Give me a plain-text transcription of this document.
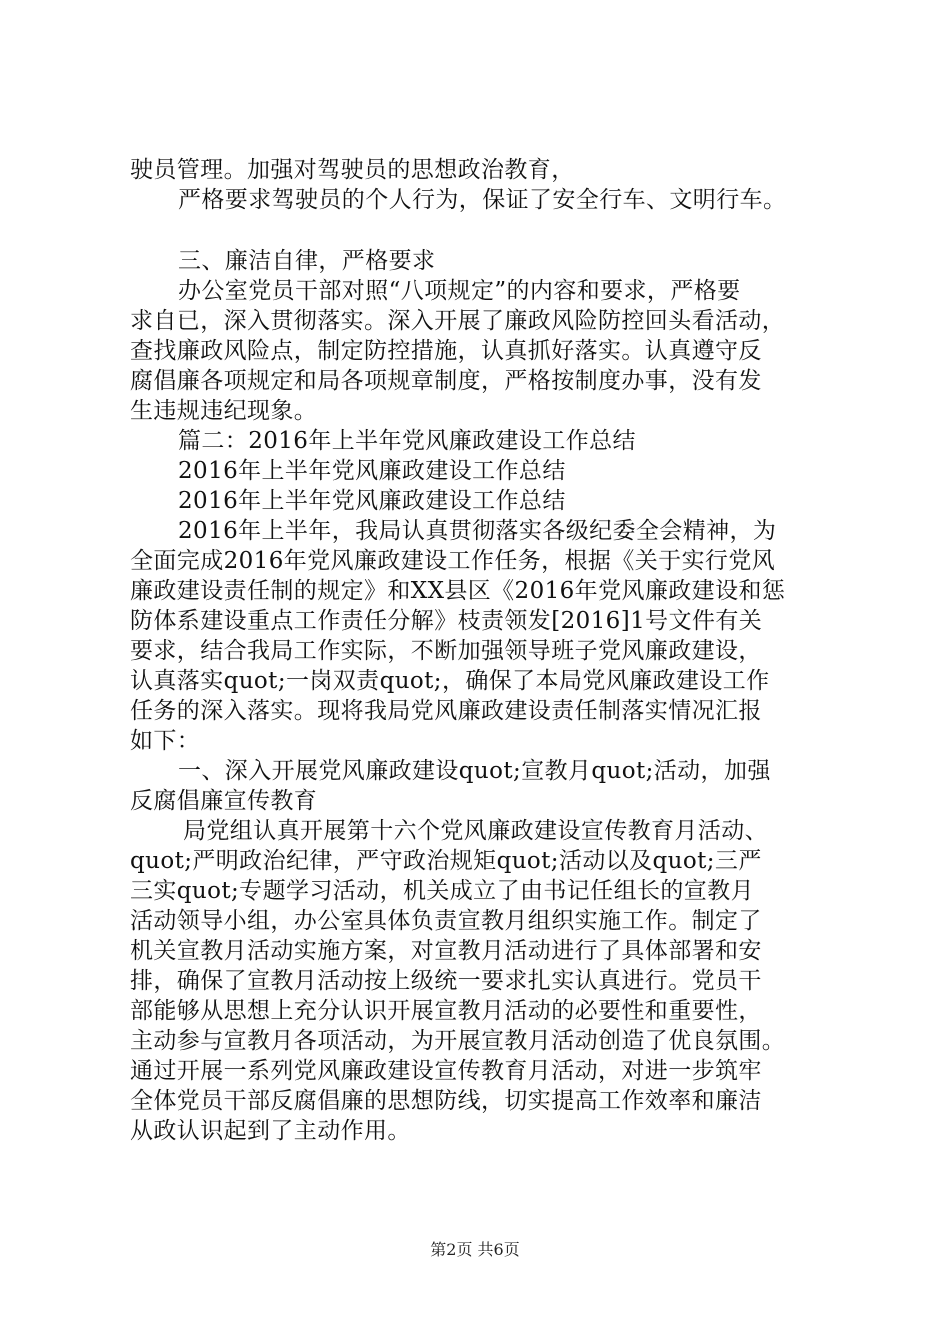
驶员管理。加强对驾驶员的思想政治教育，
严格要求驾驶员的个人行为，保证了安全行车、文明行车。
三、廉洁自律，严格要求
办公室党员干部对照“八项规定”的内容和要求，严格要
求自已，深入贯彻落实。深入开展了廉政风险防控回头看活动，
查找廉政风险点，制定防控措施，认真抓好落实。认真遵守反
腐倡廉各项规定和局各项规章制度，严格按制度办事，没有发
生违规违纪现象。
篇二：2016年上半年党风廉政建设工作总结
2016年上半年党风廉政建设工作总结
2016年上半年党风廉政建设工作总结
2016年上半年，我局认真贯彻落实各级纪委全会精神，为
全面完成2016年党风廉政建设工作任务，根据《关于实行党风
廉政建设责任制的规定》和XX县区《2016年党风廉政建设和惩
防体系建设重点工作责任分解》枝责领发[2016]1号文件有关
要求，结合我局工作实际，不断加强领导班子党风廉政建设，
认真落实quot;一岗双责quot;，确保了本局党风廉政建设工作
任务的深入落实。现将我局党风廉政建设责任制落实情况汇报
如下：
一、深入开展党风廉政建设quot;宣教月quot;活动，加强
反腐倡廉宣传教育
局党组认真开展第十六个党风廉政建设宣传教育月活动、
quot;严明政治纪律，严守政治规矩quot;活动以及quot;三严
三实quot;专题学习活动，机关成立了由书记任组长的宣教月
活动领导小组，办公室具体负责宣教月组织实施工作。制定了
机关宣教月活动实施方案，对宣教月活动进行了具体部署和安
排，确保了宣教月活动按上级统一要求扎实认真进行。党员干
部能够从思想上充分认识开展宣教月活动的必要性和重要性，
主动参与宣教月各项活动，为开展宣教月活动创造了优良氛围。
通过开展一系列党风廉政建设宣传教育月活动，对进一步筑牢
全体党员干部反腐倡廉的思想防线，切实提高工作效率和廉洁
从政认识起到了主动作用。
第2页 共6页
